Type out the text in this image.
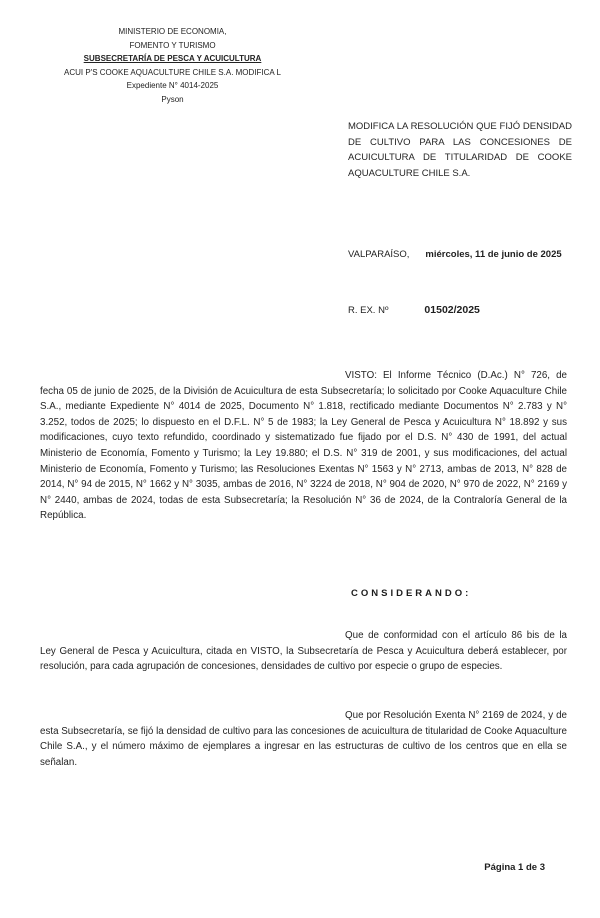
MINISTERIO DE ECONOMIA,
FOMENTO Y TURISMO
SUBSECRETARÍA DE PESCA Y ACUICULTURA
ACUI P'S COOKE AQUACULTURE CHILE S.A. MODIFICA L
Expediente N° 4014-2025
Pyson
MODIFICA LA RESOLUCIÓN QUE FIJÓ DENSIDAD DE CULTIVO PARA LAS CONCESIONES DE ACUICULTURA DE TITULARIDAD DE COOKE AQUACULTURE CHILE S.A.
VALPARAÍSO, miércoles, 11 de junio de 2025
R. EX. Nº	01502/2025
VISTO: El Informe Técnico (D.Ac.) N° 726, de fecha 05 de junio de 2025, de la División de Acuicultura de esta Subsecretaría; lo solicitado por Cooke Aquaculture Chile S.A., mediante Expediente N° 4014 de 2025, Documento N° 1.818, rectificado mediante Documentos N° 2.783 y N° 3.252, todos de 2025; lo dispuesto en el D.F.L. N° 5 de 1983; la Ley General de Pesca y Acuicultura N° 18.892 y sus modificaciones, cuyo texto refundido, coordinado y sistematizado fue fijado por el D.S. N° 430 de 1991, del actual Ministerio de Economía, Fomento y Turismo; la Ley 19.880; el D.S. N° 319 de 2001, y sus modificaciones, del actual Ministerio de Economía, Fomento y Turismo; las Resoluciones Exentas N° 1563 y N° 2713, ambas de 2013, N° 828 de 2014, N° 94 de 2015, N° 1662 y N° 3035, ambas de 2016, N° 3224 de 2018, N° 904 de 2020, N° 970 de 2022, N° 2169 y N° 2440, ambas de 2024, todas de esta Subsecretaría; la Resolución N° 36 de 2024, de la Contraloría General de la República.
CONSIDERANDO:
Que de conformidad con el artículo 86 bis de la Ley General de Pesca y Acuicultura, citada en VISTO, la Subsecretaría de Pesca y Acuicultura deberá establecer, por resolución, para cada agrupación de concesiones, densidades de cultivo por especie o grupo de especies.
Que por Resolución Exenta N° 2169 de 2024, y de esta Subsecretaría, se fijó la densidad de cultivo para las concesiones de acuicultura de titularidad de Cooke Aquaculture Chile S.A., y el número máximo de ejemplares a ingresar en las estructuras de cultivo de los centros que en ella se señalan.
Página 1 de 3
